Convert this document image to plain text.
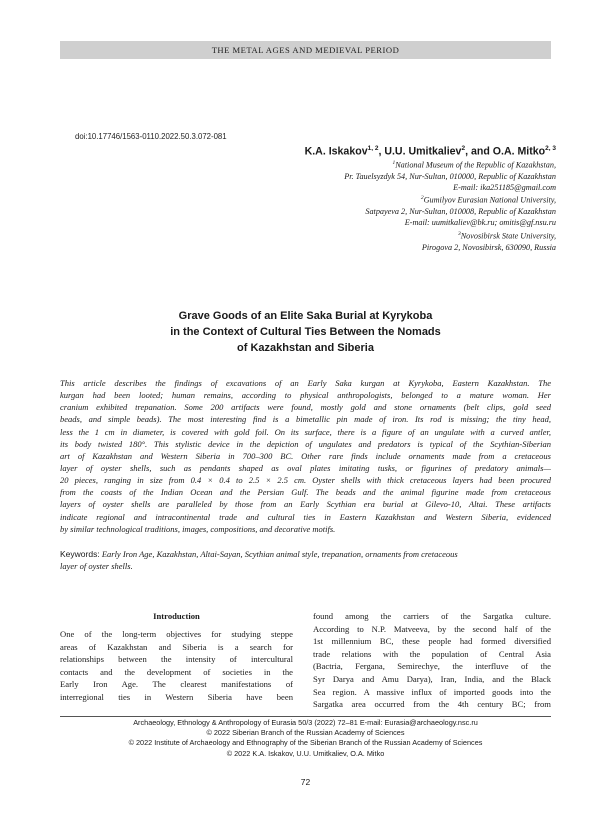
THE METAL AGES AND MEDIEVAL PERIOD
doi:10.17746/1563-0110.2022.50.3.072-081
K.A. Iskakov$^{1, 2}$, U.U. Umitkaliev$^2$, and O.A. Mitko$^{2, 3}$
$^1$National Museum of the Republic of Kazakhstan,
Pr. Tauelsyzdyk 54, Nur-Sultan, 010000, Republic of Kazakhstan
E-mail: ika251185@gmail.com
$^2$Gumilyov Eurasian National University,
Satpayeva 2, Nur-Sultan, 010008, Republic of Kazakhstan
E-mail: uumitkaliev@bk.ru; omitis@gf.nsu.ru
$^3$Novosibirsk State University,
Pirogova 2, Novosibirsk, 630090, Russia
Grave Goods of an Elite Saka Burial at Kyrykoba
in the Context of Cultural Ties Between the Nomads
of Kazakhstan and Siberia
This article describes the findings of excavations of an Early Saka kurgan at Kyrykoba, Eastern Kazakhstan. The
kurgan had been looted; human remains, according to physical anthropologists, belonged to a mature woman. Her
cranium exhibited trepanation. Some 200 artifacts were found, mostly gold and stone ornaments (belt clips, gold seed
beads, and simple beads). The most interesting find is a bimetallic pin made of iron. Its rod is missing; the tiny head,
less the 1 cm in diameter, is covered with gold foil. On its surface, there is a figure of an ungulate with a curved antler,
its body twisted 180°. This stylistic device in the depiction of ungulates and predators is typical of the Scythian-Siberian
art of Kazakhstan and Western Siberia in 700–300 BC. Other rare finds include ornaments made from a cretaceous
layer of oyster shells, such as pendants shaped as oval plates imitating tusks, or figurines of predatory animals—
20 pieces, ranging in size from 0.4 × 0.4 to 2.5 × 2.5 cm. Oyster shells with thick cretaceous layers had been procured
from the coasts of the Indian Ocean and the Persian Gulf. The beads and the animal figurine made from cretaceous
layers of oyster shells are paralleled by those from an Early Scythian era burial at Gilevo-10, Altai. These artifacts
indicate regional and intracontinental trade and cultural ties in Eastern Kazakhstan and Western Siberia, evidenced
by similar technological traditions, images, compositions, and decorative motifs.
Keywords: Early Iron Age, Kazakhstan, Altai-Sayan, Scythian animal style, trepanation, ornaments from cretaceous
layer of oyster shells.
Introduction
One of the long-term objectives for studying steppe
areas of Kazakhstan and Siberia is a search for
relationships between the intensity of intercultural
contacts and the development of societies in the
Early Iron Age. The clearest manifestations of
interregional ties in Western Siberia have been
found among the carriers of the Sargatka culture.
According to N.P. Matveeva, by the second half of the
1st millennium BC, these people had formed diversified
trade relations with the population of Central Asia
(Bactria, Fergana, Semirechye, the interfluve of the
Syr Darya and Amu Darya), Iran, India, and the Black
Sea region. A massive influx of imported goods into the
Sargatka area occurred from the 4th century BC; from
Archaeology, Ethnology & Anthropology of Eurasia 50/3 (2022) 72–81 E-mail: Eurasia@archaeology.nsc.ru
© 2022 Siberian Branch of the Russian Academy of Sciences
© 2022 Institute of Archaeology and Ethnography of the Siberian Branch of the Russian Academy of Sciences
© 2022 K.A. Iskakov, U.U. Umitkaliev, O.A. Mitko
72
